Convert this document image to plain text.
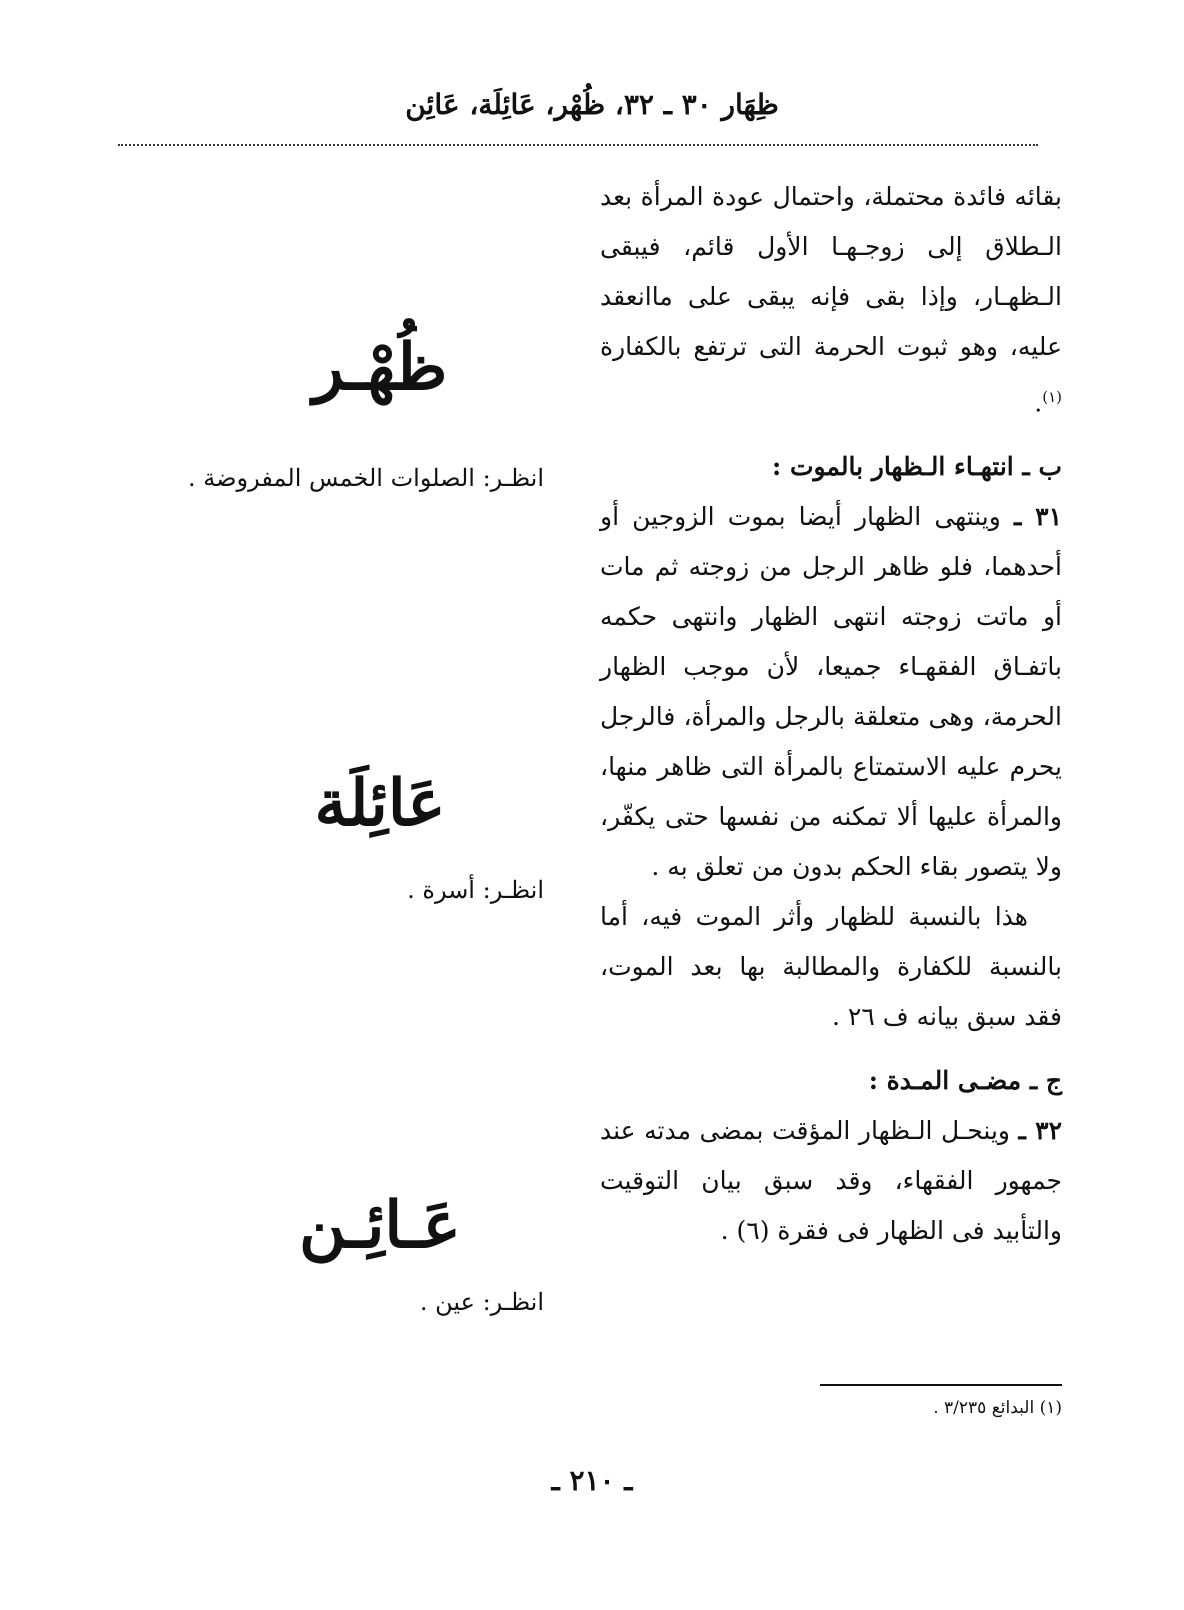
ظِهَار ٣٠ ـ ٣٢، ظُهْر، عَائِلَة، عَائِن

بقائه فائدة محتملة، واحتمال عودة المرأة بعد الـطلاق إلى زوجـهـا الأول قائم، فيبقى الـظهـار، وإذا بقى فإنه يبقى على ماانعقد عليه، وهو ثبوت الحرمة التى ترتفع بالكفارة $^{(١)}$.

ب ـ انتهـاء الـظهار بالموت :

٣١ ـ وينتهى الظهار أيضا بموت الزوجين أو أحدهما، فلو ظاهر الرجل من زوجته ثم مات أو ماتت زوجته انتهى الظهار وانتهى حكمه باتفـاق الفقهـاء جميعا، لأن موجب الظهار الحرمة، وهى متعلقة بالرجل والمرأة، فالرجل يحرم عليه الاستمتاع بالمرأة التى ظاهر منها، والمرأة عليها ألا تمكنه من نفسها حتى يكفّر، ولا يتصور بقاء الحكم بدون من تعلق به .

هذا بالنسبة للظهار وأثر الموت فيه، أما بالنسبة للكفارة والمطالبة بها بعد الموت، فقد سبق بيانه ف ٢٦ .

ج ـ مضـى المـدة :

٣٢ ـ وينحـل الـظهار المؤقت بمضى مدته عند جمهور الفقهاء، وقد سبق بيان التوقيت والتأبيد فى الظهار فى فقرة (٦) .

ظُهْـر
انظـر: الصلوات الخمس المفروضة .
عَائِلَة
انظـر: أسرة .
عَـائِـن
انظـر: عين .
(١) البدائع ٣/٢٣٥ .
ـ ٢١٠ ـ
